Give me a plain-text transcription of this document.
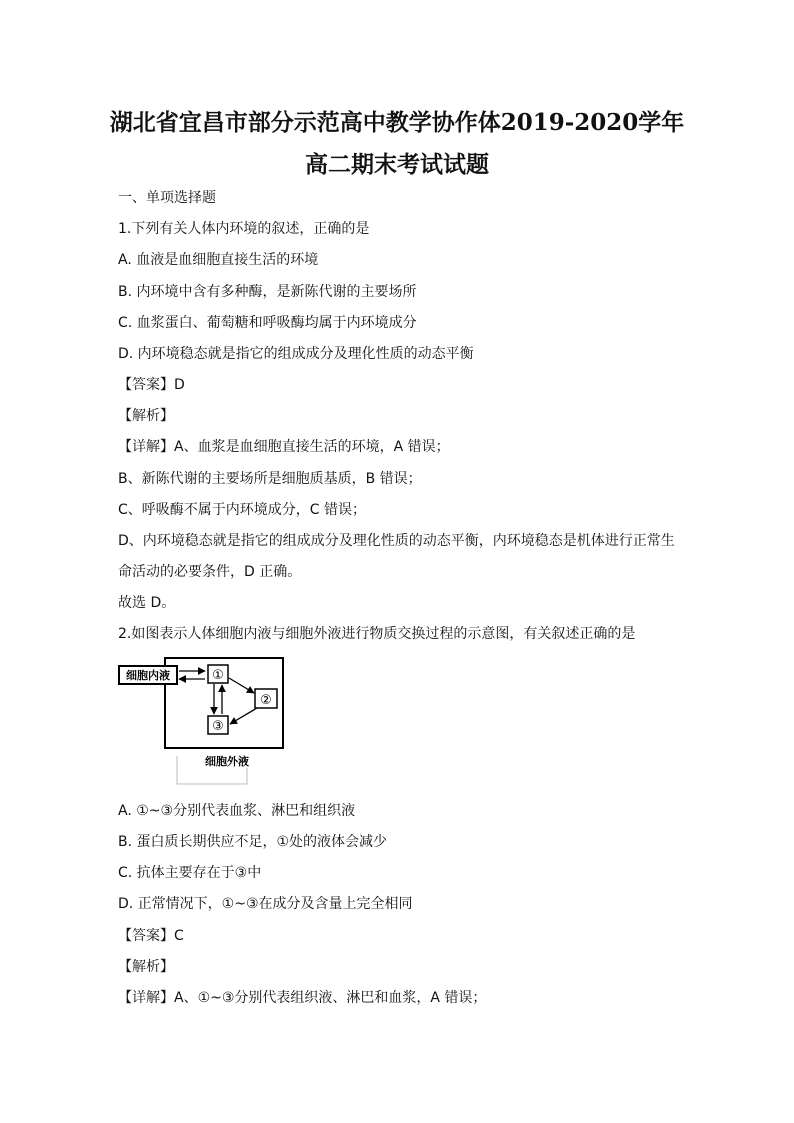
湖北省宜昌市部分示范高中教学协作体2019-2020学年
高二期末考试试题
一、单项选择题
1.下列有关人体内环境的叙述，正确的是
A. 血液是血细胞直接生活的环境
B. 内环境中含有多种酶，是新陈代谢的主要场所
C. 血浆蛋白、葡萄糖和呼吸酶均属于内环境成分
D. 内环境稳态就是指它的组成成分及理化性质的动态平衡
【答案】D
【解析】
【详解】A、血浆是血细胞直接生活的环境，A 错误；
B、新陈代谢的主要场所是细胞质基质，B 错误；
C、呼吸酶不属于内环境成分，C 错误；
D、内环境稳态就是指它的组成成分及理化性质的动态平衡，内环境稳态是机体进行正常生
命活动的必要条件，D 正确。
故选 D。
2.如图表示人体细胞内液与细胞外液进行物质交换过程的示意图，有关叙述正确的是
细胞内液	①
②
③
细胞外液
A. ①~③分别代表血浆、淋巴和组织液
B. 蛋白质长期供应不足，①处的液体会减少
C. 抗体主要存在于③中
D. 正常情况下，①~③在成分及含量上完全相同
【答案】C
【解析】
【详解】A、①~③分别代表组织液、淋巴和血浆，A 错误；
